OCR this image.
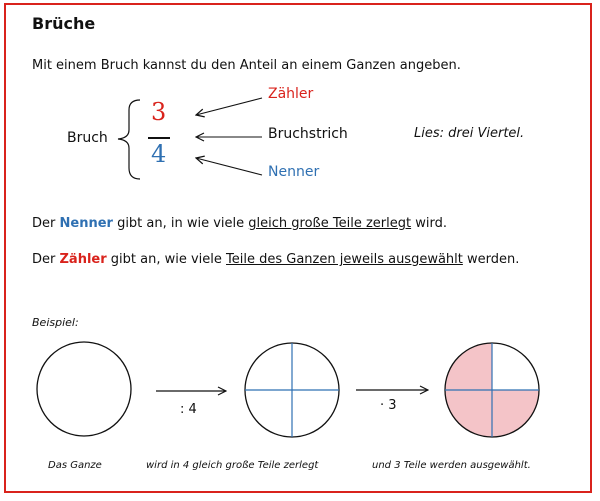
Brüche
Mit einem Bruch kannst du den Anteil an einem Ganzen angeben.
Bruch
3
4
Zähler
Bruchstrich
Nenner
Lies: drei Viertel.
Der Nenner gibt an, in wie viele gleich große Teile zerlegt wird.
Der Zähler gibt an, wie viele Teile des Ganzen jeweils ausgewählt werden.
Beispiel:
: 4	· 3
Das Ganze	wird in 4 gleich große Teile zerlegt	und 3 Teile werden ausgewählt.
